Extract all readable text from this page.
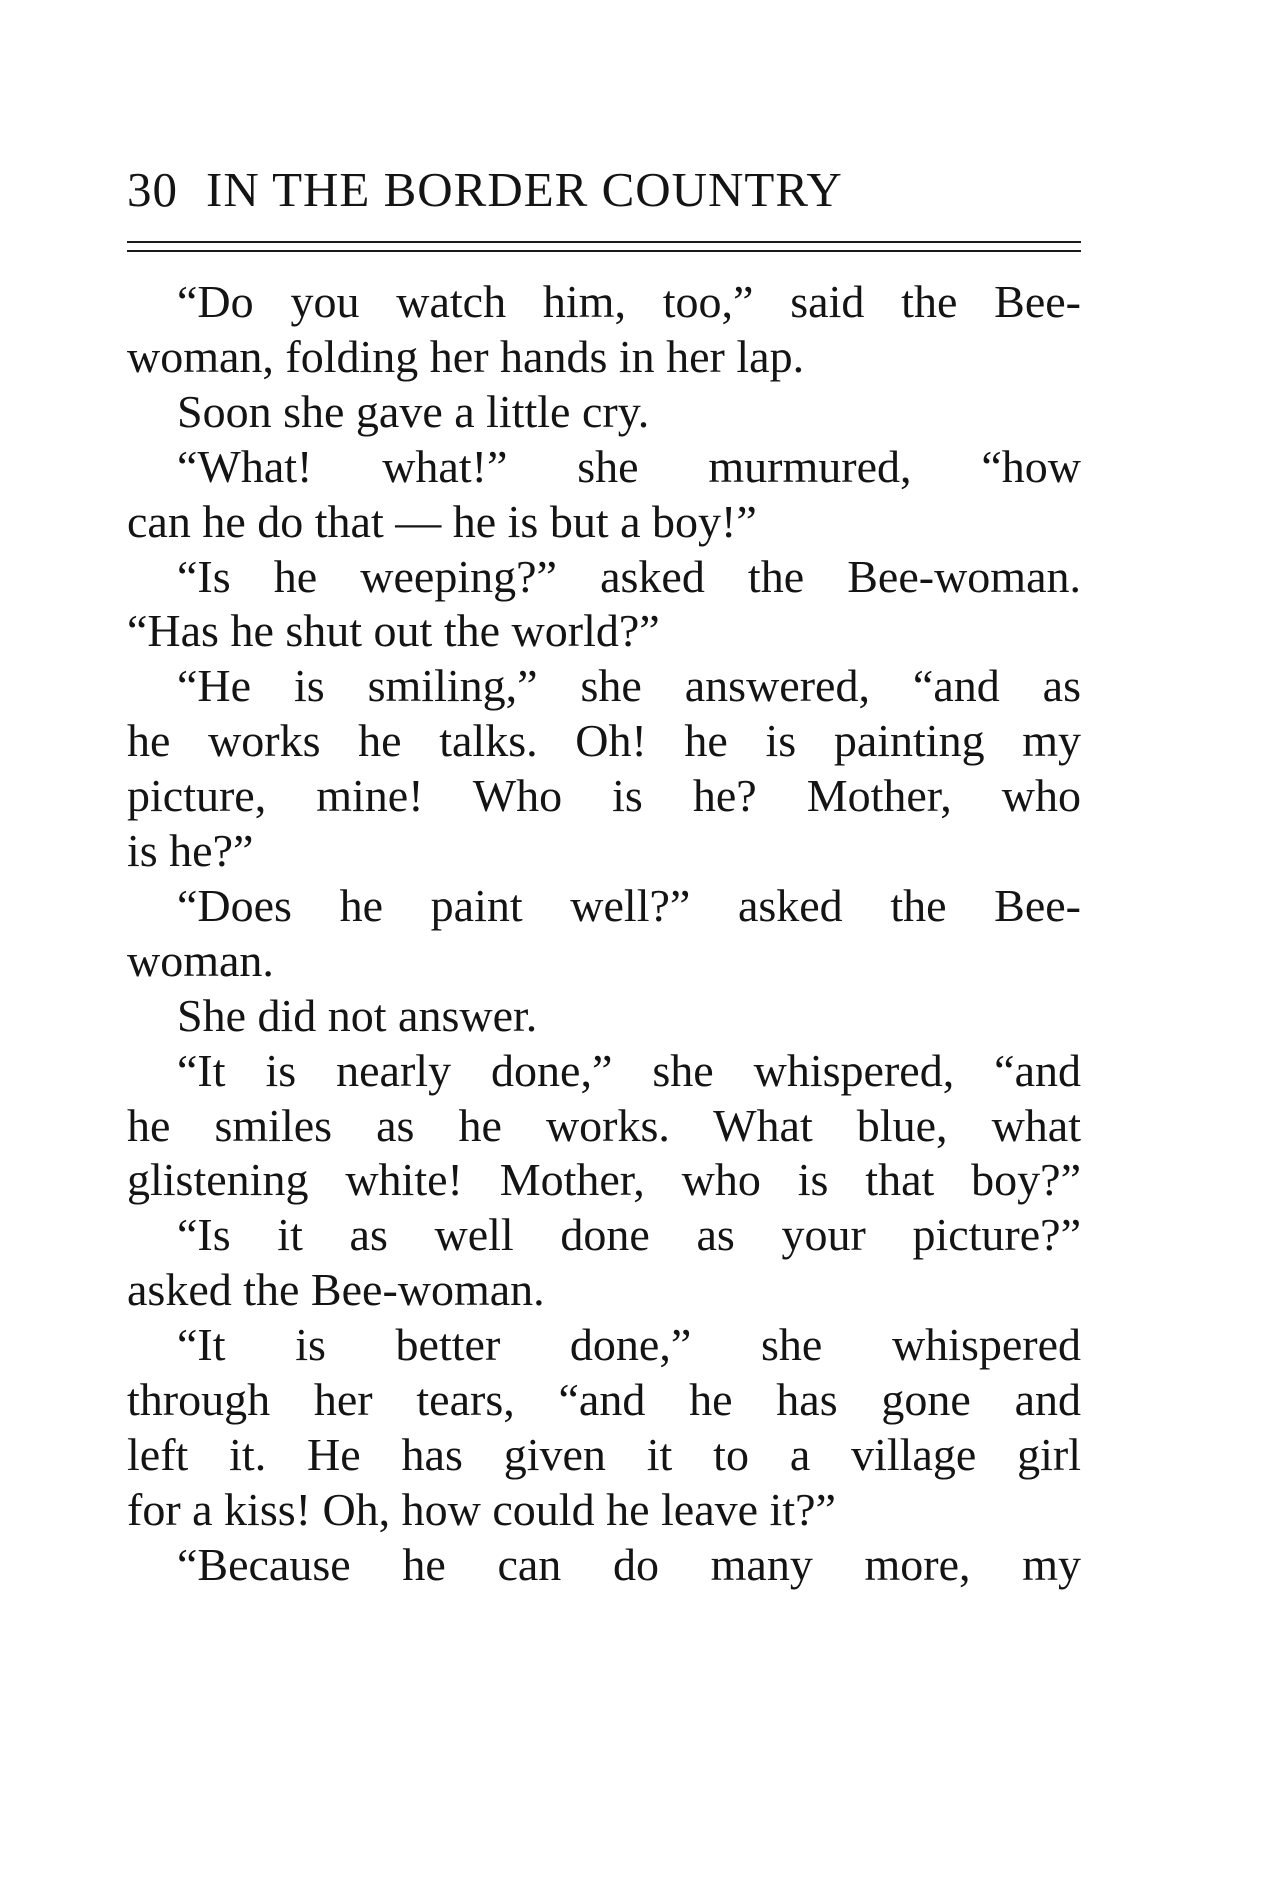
30 IN THE BORDER COUNTRY
“Do you watch him, too,” said the Bee-
woman, folding her hands in her lap.
Soon she gave a little cry.
“What! what!” she murmured, “how
can he do that — he is but a boy!”
“Is he weeping?” asked the Bee-woman.
“Has he shut out the world?”
“He is smiling,” she answered, “and as
he works he talks. Oh! he is painting my
picture, mine! Who is he? Mother, who
is he?”
“Does he paint well?” asked the Bee-
woman.
She did not answer.
“It is nearly done,” she whispered, “and
he smiles as he works. What blue, what
glistening white! Mother, who is that boy?”
“Is it as well done as your picture?”
asked the Bee-woman.
“It is better done,” she whispered
through her tears, “and he has gone and
left it. He has given it to a village girl
for a kiss! Oh, how could he leave it?”
“Because he can do many more, my
